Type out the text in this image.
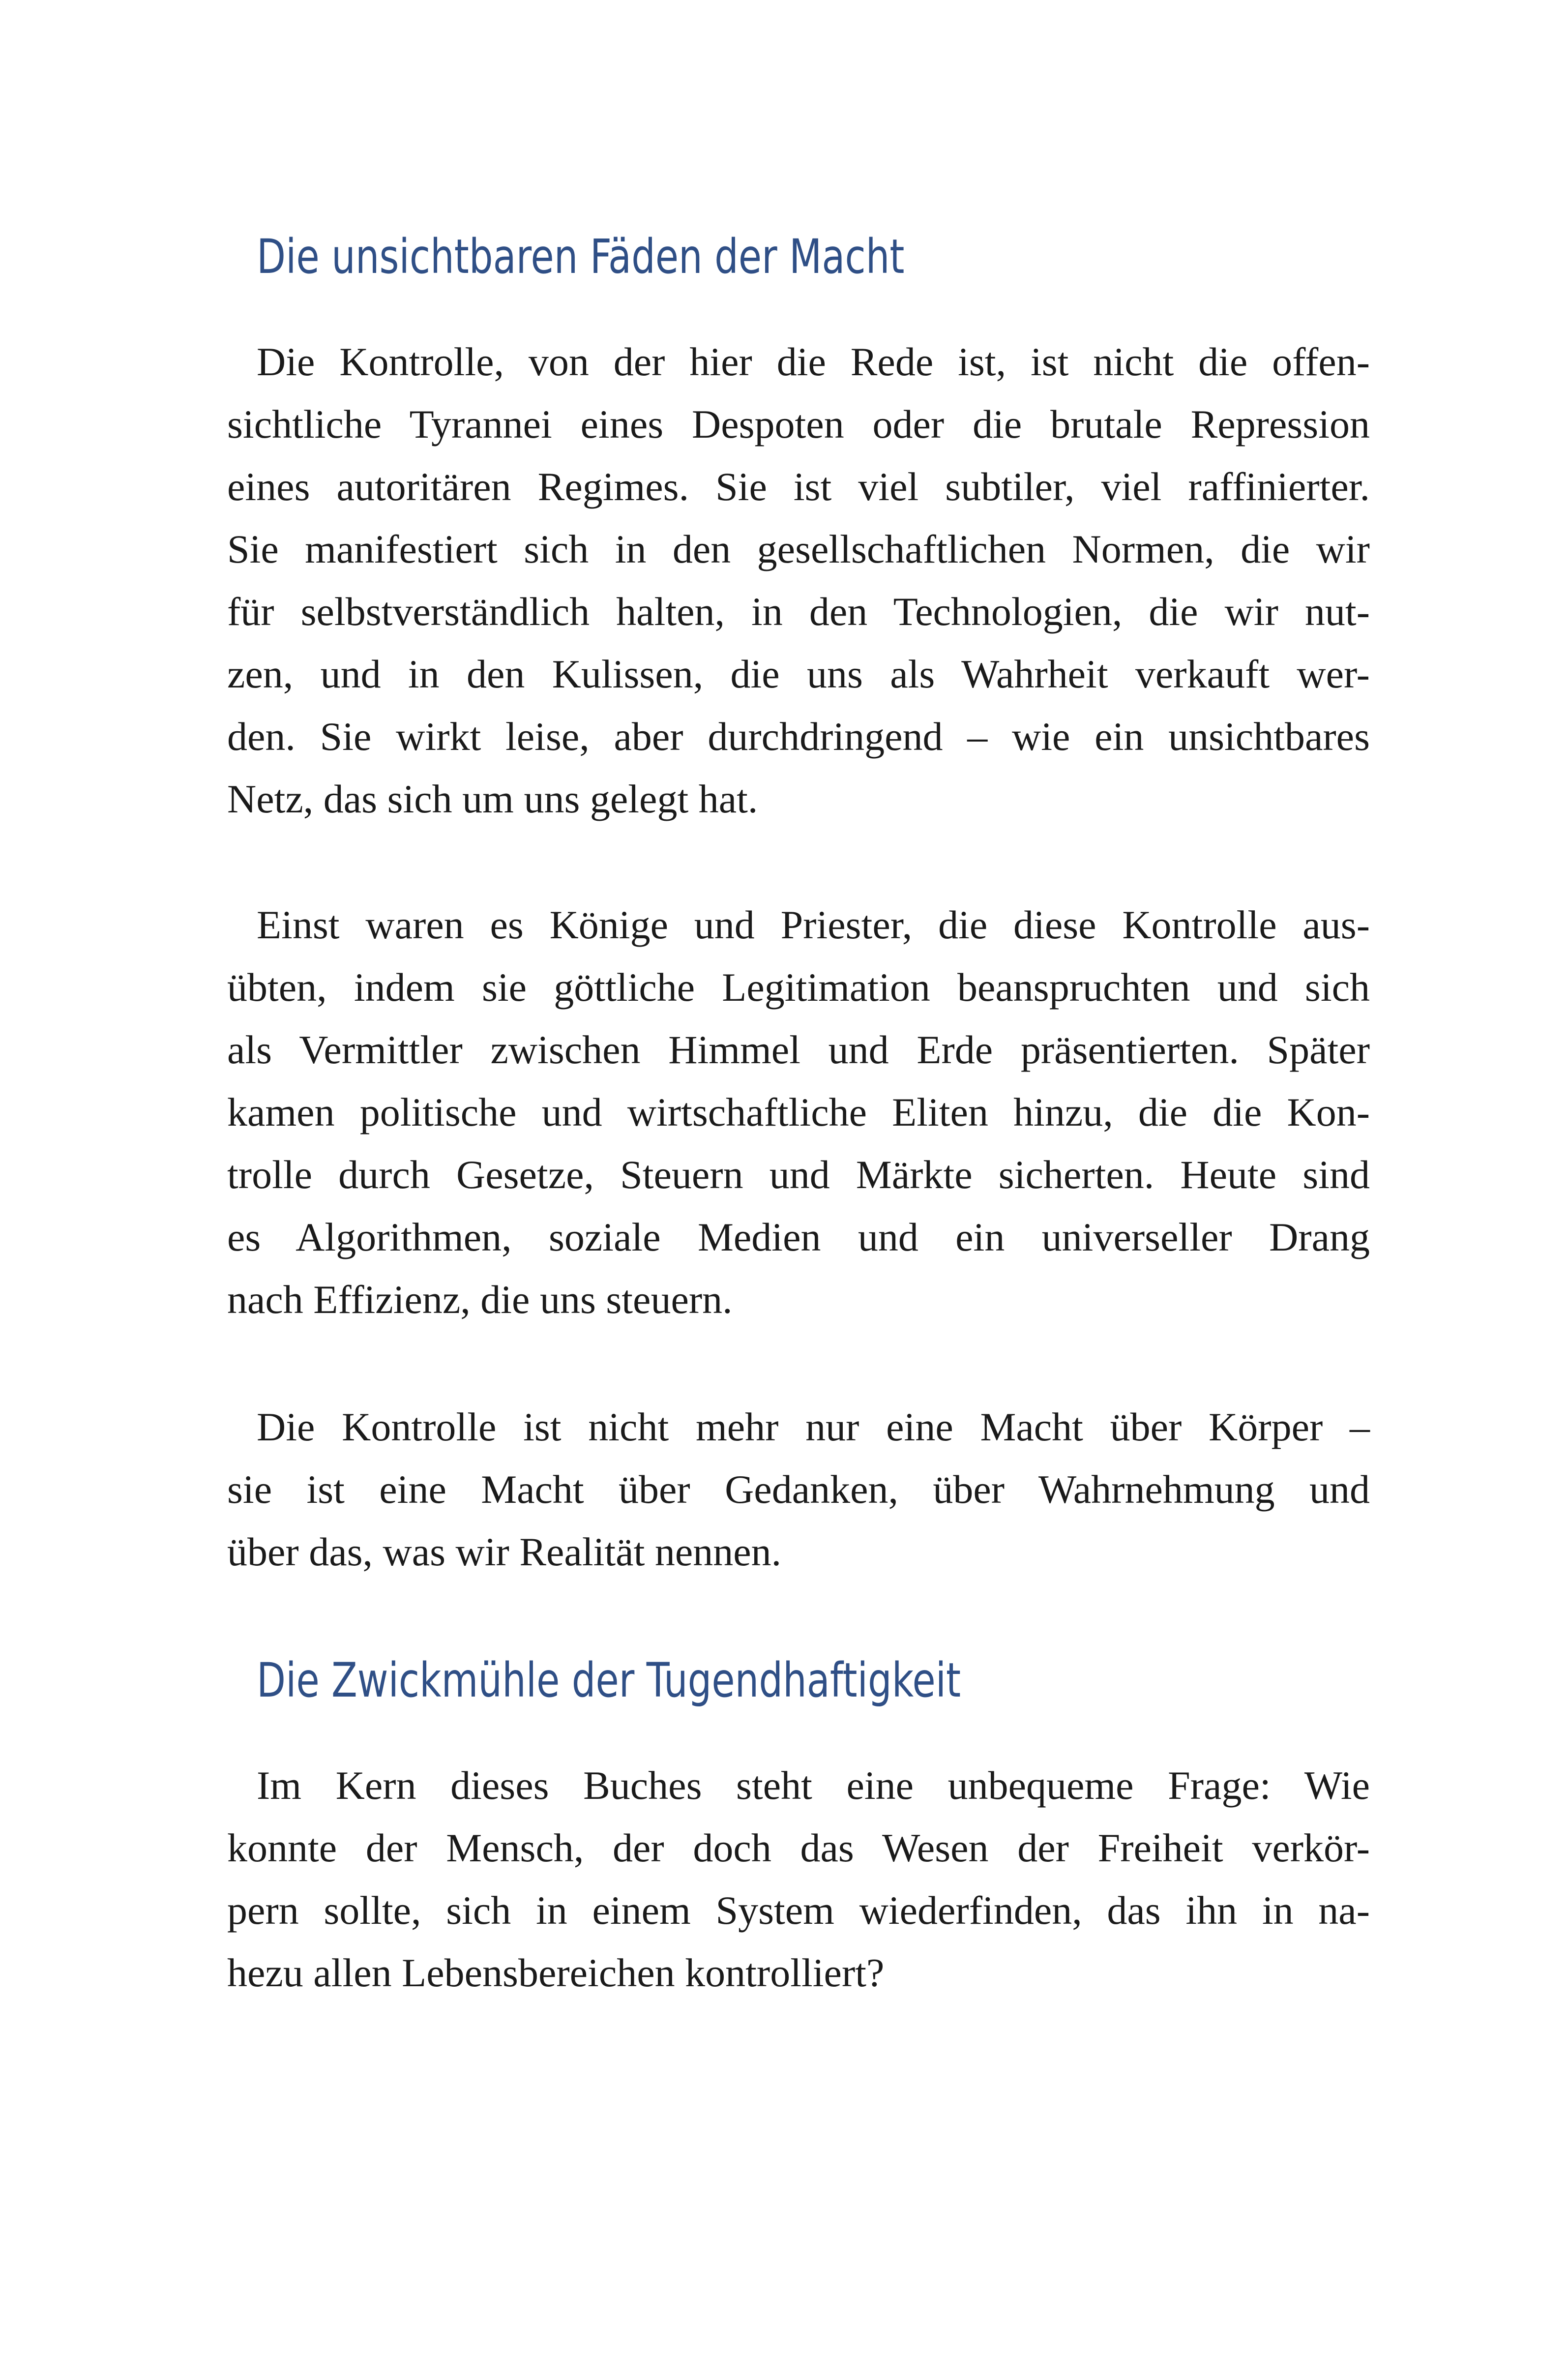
Die unsichtbaren Fäden der Macht
Die Kontrolle, von der hier die Rede ist, ist nicht die offen-
sichtliche Tyrannei eines Despoten oder die brutale Repression
eines autoritären Regimes. Sie ist viel subtiler, viel raffinierter.
Sie manifestiert sich in den gesellschaftlichen Normen, die wir
für selbstverständlich halten, in den Technologien, die wir nut-
zen, und in den Kulissen, die uns als Wahrheit verkauft wer-
den. Sie wirkt leise, aber durchdringend – wie ein unsichtbares
Netz, das sich um uns gelegt hat.
Einst waren es Könige und Priester, die diese Kontrolle aus-
übten, indem sie göttliche Legitimation beanspruchten und sich
als Vermittler zwischen Himmel und Erde präsentierten. Später
kamen politische und wirtschaftliche Eliten hinzu, die die Kon-
trolle durch Gesetze, Steuern und Märkte sicherten. Heute sind
es Algorithmen, soziale Medien und ein universeller Drang
nach Effizienz, die uns steuern.
Die Kontrolle ist nicht mehr nur eine Macht über Körper –
sie ist eine Macht über Gedanken, über Wahrnehmung und
über das, was wir Realität nennen.
Die Zwickmühle der Tugendhaftigkeit
Im Kern dieses Buches steht eine unbequeme Frage: Wie
konnte der Mensch, der doch das Wesen der Freiheit verkör-
pern sollte, sich in einem System wiederfinden, das ihn in na-
hezu allen Lebensbereichen kontrolliert?
